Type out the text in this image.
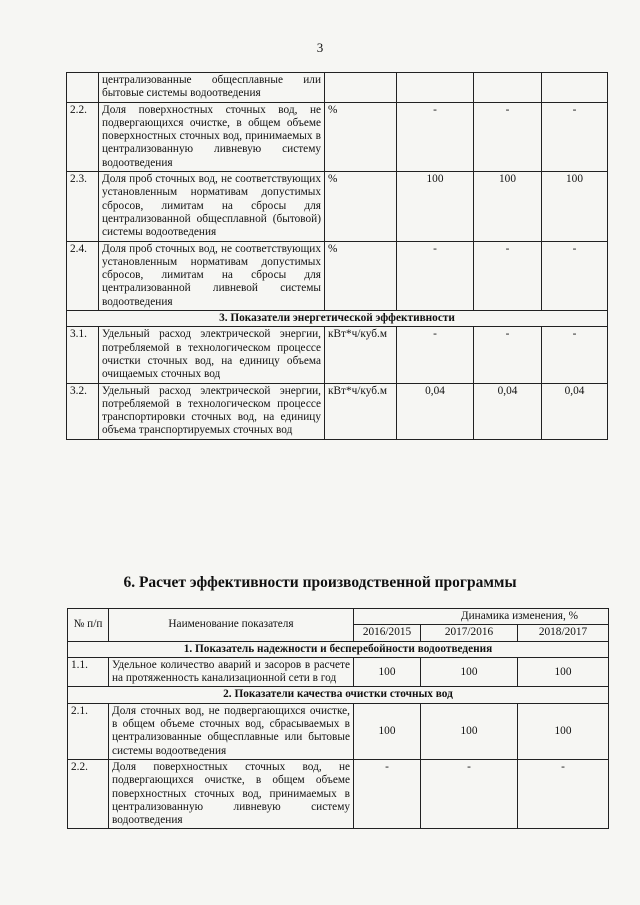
3
	централизованные общесплавные или бытовые системы водоотведения				
2.2.	Доля поверхностных сточных вод, не подвергающихся очистке, в общем объеме поверхностных сточных вод, принимаемых в централизованную ливневую систему водоотведения	%	-	-	-
2.3.	Доля проб сточных вод, не соответствующих установленным нормативам допустимых сбросов, лимитам на сбросы для централизованной общесплавной (бытовой) системы водоотведения	%	100	100	100
2.4.	Доля проб сточных вод, не соответствующих установленным нормативам допустимых сбросов, лимитам на сбросы для централизованной ливневой системы водоотведения	%	-	-	-
3. Показатели энергетической эффективности					
3.1.	Удельный расход электрической энергии, потребляемой в технологическом процессе очистки сточных вод, на единицу объема очищаемых сточных вод	кВт*ч/куб.м	-	-	-
3.2.	Удельный расход электрической энергии, потребляемой в технологическом процессе транспортировки сточных вод, на единицу объема транспортируемых сточных вод	кВт*ч/куб.м	0,04	0,04	0,04
6. Расчет эффективности производственной программы
№ п/п	Наименование показателя	Динамика изменения, %		
		2016/2015	2017/2016	2018/2017
1. Показатель надежности и бесперебойности водоотведения				
1.1.	Удельное количество аварий и засоров в расчете на протяженность канализационной сети в год	100	100	100
2. Показатели качества очистки сточных вод				
2.1.	Доля сточных вод, не подвергающихся очистке, в общем объеме сточных вод, сбрасываемых в централизованные общесплавные или бытовые системы водоотведения	100	100	100
2.2.	Доля поверхностных сточных вод, не подвергающихся очистке, в общем объеме поверхностных сточных вод, принимаемых в централизованную ливневую систему водоотведения	-	-	-
